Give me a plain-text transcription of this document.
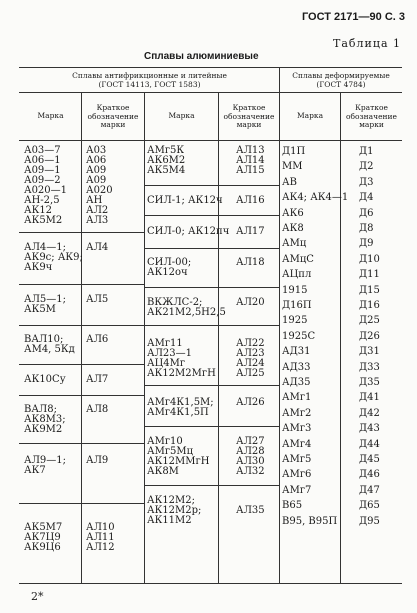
ГОСТ 2171—90 С. 3
Таблица 1
Сплавы алюминиевые
Сплавы антифрикционные и литейные
(ГОСТ 14113, ГОСТ 1583)
Сплавы деформируемые
(ГОСТ 4784)
Марка
Краткое
обозначение
марки
Марка
Краткое
обозначение
марки
Марка
Краткое
обозначение
марки
А03—7
А06—1
А09—1
А09—2
А020—1
АН-2,5
АК12
АК5М2
А03
А06
А09
А09
А020
АН
АЛ2
АЛ3
АЛ4—1;
АК9с; АК9;
АК9ч
АЛ4
АЛ5—1;
АК5М
АЛ5
ВАЛ10;
АМ4, 5Кд
АЛ6
АК10Су АЛ7
ВАЛ8;
АК8М3;
АК9М2
АЛ8
АЛ9—1;
АК7
АЛ9
АК5М7
АК7Ц9
АК9Ц6
АЛ10
АЛ11
АЛ12
АМг5К
АК6М2
АК5М4
АЛ13
АЛ14
АЛ15
СИЛ-1; АК12ч АЛ16
СИЛ-0; АК12пч АЛ17
СИЛ-00;
АК12оч
АЛ18
ВКЖЛС-2;
АК21М2,5Н2,5
АЛ20
АМг11
АЛ23—1
АЦ4Мг
АК12М2МгН
АЛ22
АЛ23
АЛ24
АЛ25
АМг4К1,5М;
АМг4К1,5П
АЛ26
АМг10
АМг5Мц
АК12ММгН
АК8М
АЛ27
АЛ28
АЛ30
АЛ32
АК12М2;
АК12М2р;
АК11М2
АЛ35
Д1П
ММ
АВ
АК4; АК4—1
АК6
АК8
АМц
АМцС
АЦпл
1915
Д16П
1925
1925С
АД31
АД33
АД35
АМг1
АМг2
АМг3
АМг4
АМг5
АМг6
АМг7
В65
В95, В95П
Д1
Д2
Д3
Д4
Д6
Д8
Д9
Д10
Д11
Д15
Д16
Д25
Д26
Д31
Д33
Д35
Д41
Д42
Д43
Д44
Д45
Д46
Д47
Д65
Д95
2*
